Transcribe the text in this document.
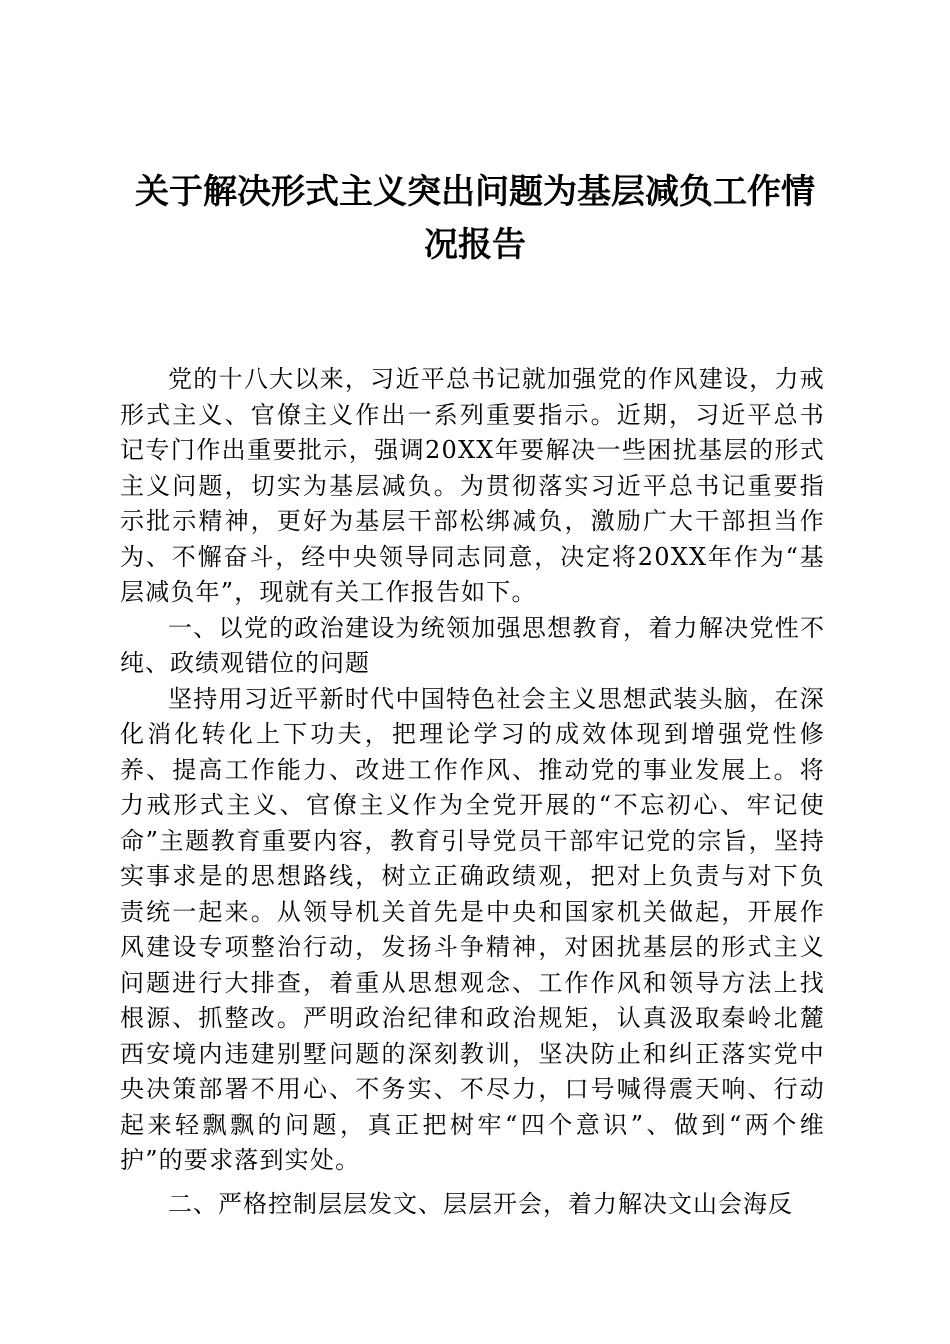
关于解决形式主义突出问题为基层减负工作情
况报告

党的十八大以来，习近平总书记就加强党的作风建设，力戒形式主义、官僚主义作出一系列重要指示。近期，习近平总书记专门作出重要批示，强调20XX年要解决一些困扰基层的形式主义问题，切实为基层减负。为贯彻落实习近平总书记重要指示批示精神，更好为基层干部松绑减负，激励广大干部担当作为、不懈奋斗，经中央领导同志同意，决定将20XX年作为“基层减负年”，现就有关工作报告如下。

一、以党的政治建设为统领加强思想教育，着力解决党性不纯、政绩观错位的问题

坚持用习近平新时代中国特色社会主义思想武装头脑，在深化消化转化上下功夫，把理论学习的成效体现到增强党性修养、提高工作能力、改进工作作风、推动党的事业发展上。将力戒形式主义、官僚主义作为全党开展的“不忘初心、牢记使命”主题教育重要内容，教育引导党员干部牢记党的宗旨，坚持实事求是的思想路线，树立正确政绩观，把对上负责与对下负责统一起来。从领导机关首先是中央和国家机关做起，开展作风建设专项整治行动，发扬斗争精神，对困扰基层的形式主义问题进行大排查，着重从思想观念、工作作风和领导方法上找根源、抓整改。严明政治纪律和政治规矩，认真汲取秦岭北麓西安境内违建别墅问题的深刻教训，坚决防止和纠正落实党中央决策部署不用心、不务实、不尽力，口号喊得震天响、行动起来轻飘飘的问题，真正把树牢“四个意识”、做到“两个维护”的要求落到实处。

二、严格控制层层发文、层层开会，着力解决文山会海反
